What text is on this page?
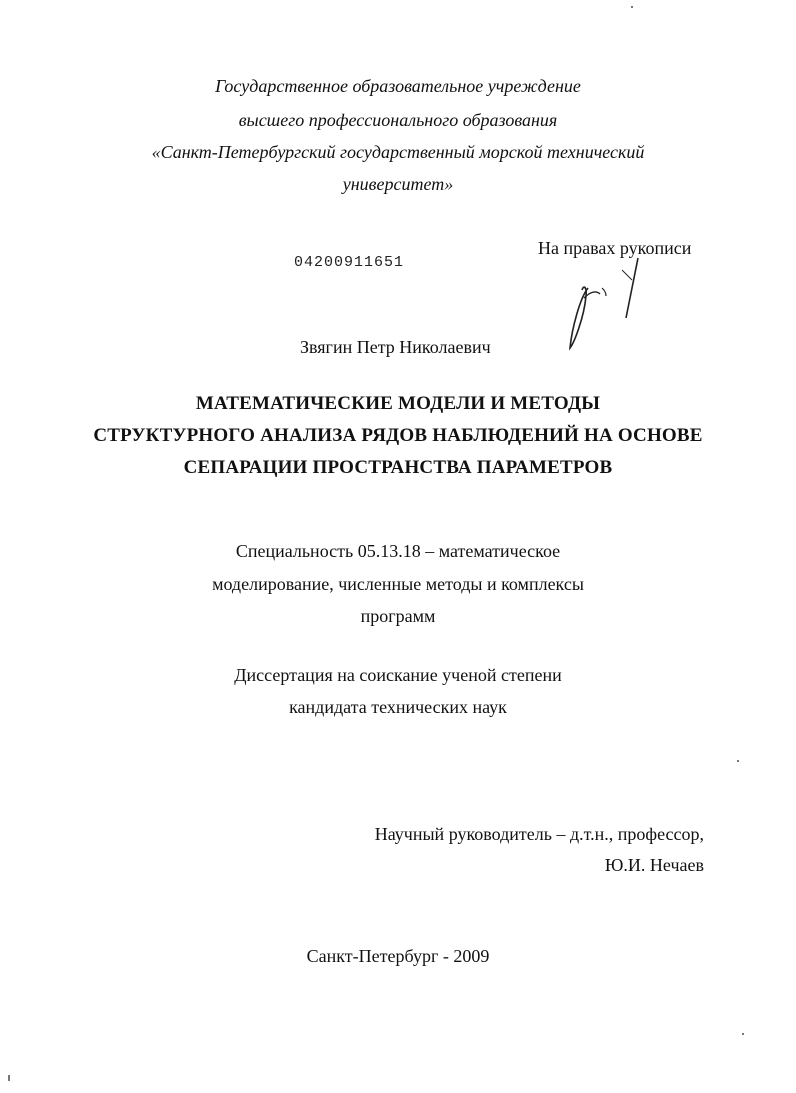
Государственное образовательное учреждение
высшего профессионального образования
«Санкт-Петербургский государственный морской технический
университет»
04200911651
На правах рукописи
Звягин Петр Николаевич
МАТЕМАТИЧЕСКИЕ МОДЕЛИ И МЕТОДЫ
СТРУКТУРНОГО АНАЛИЗА РЯДОВ НАБЛЮДЕНИЙ НА ОСНОВЕ
СЕПАРАЦИИ ПРОСТРАНСТВА ПАРАМЕТРОВ
Специальность 05.13.18 – математическое
моделирование, численные методы и комплексы
программ
Диссертация на соискание ученой степени
кандидата технических наук
Научный руководитель – д.т.н., профессор,
Ю.И. Нечаев
Санкт-Петербург - 2009
